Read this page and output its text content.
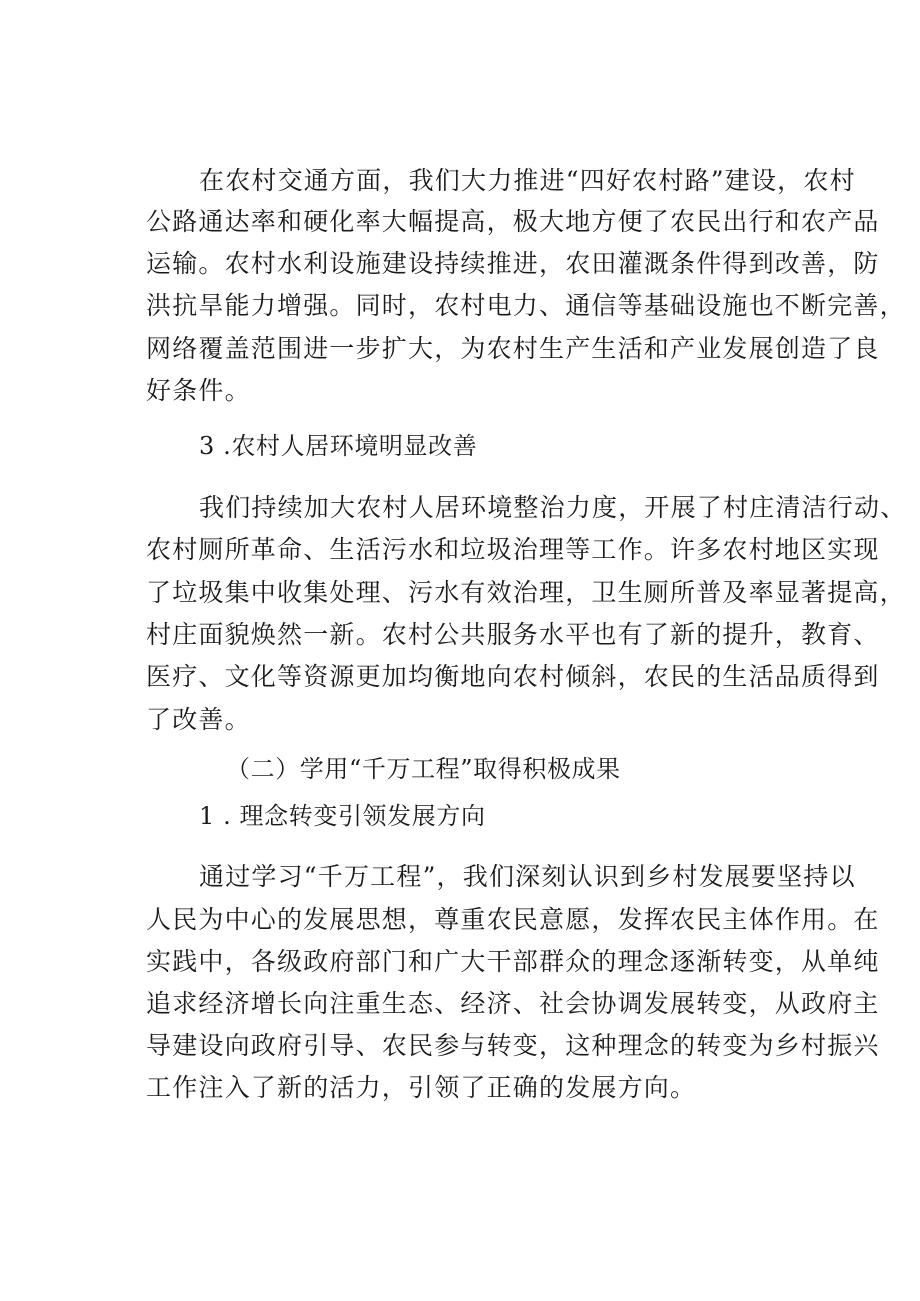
在农村交通方面，我们大力推进“四好农村路”建设，农村
公路通达率和硬化率大幅提高，极大地方便了农民出行和农产品
运输。农村水利设施建设持续推进，农田灌溉条件得到改善，防
洪抗旱能力增强。同时，农村电力、通信等基础设施也不断完善，
网络覆盖范围进一步扩大，为农村生产生活和产业发展创造了良
好条件。
3 .农村人居环境明显改善
我们持续加大农村人居环境整治力度，开展了村庄清洁行动、
农村厕所革命、生活污水和垃圾治理等工作。许多农村地区实现
了垃圾集中收集处理、污水有效治理，卫生厕所普及率显著提高，
村庄面貌焕然一新。农村公共服务水平也有了新的提升，教育、
医疗、文化等资源更加均衡地向农村倾斜，农民的生活品质得到
了改善。
（二）学用“千万工程”取得积极成果
1 . 理念转变引领发展方向
通过学习“千万工程”，我们深刻认识到乡村发展要坚持以
人民为中心的发展思想，尊重农民意愿，发挥农民主体作用。在
实践中，各级政府部门和广大干部群众的理念逐渐转变，从单纯
追求经济增长向注重生态、经济、社会协调发展转变，从政府主
导建设向政府引导、农民参与转变，这种理念的转变为乡村振兴
工作注入了新的活力，引领了正确的发展方向。
